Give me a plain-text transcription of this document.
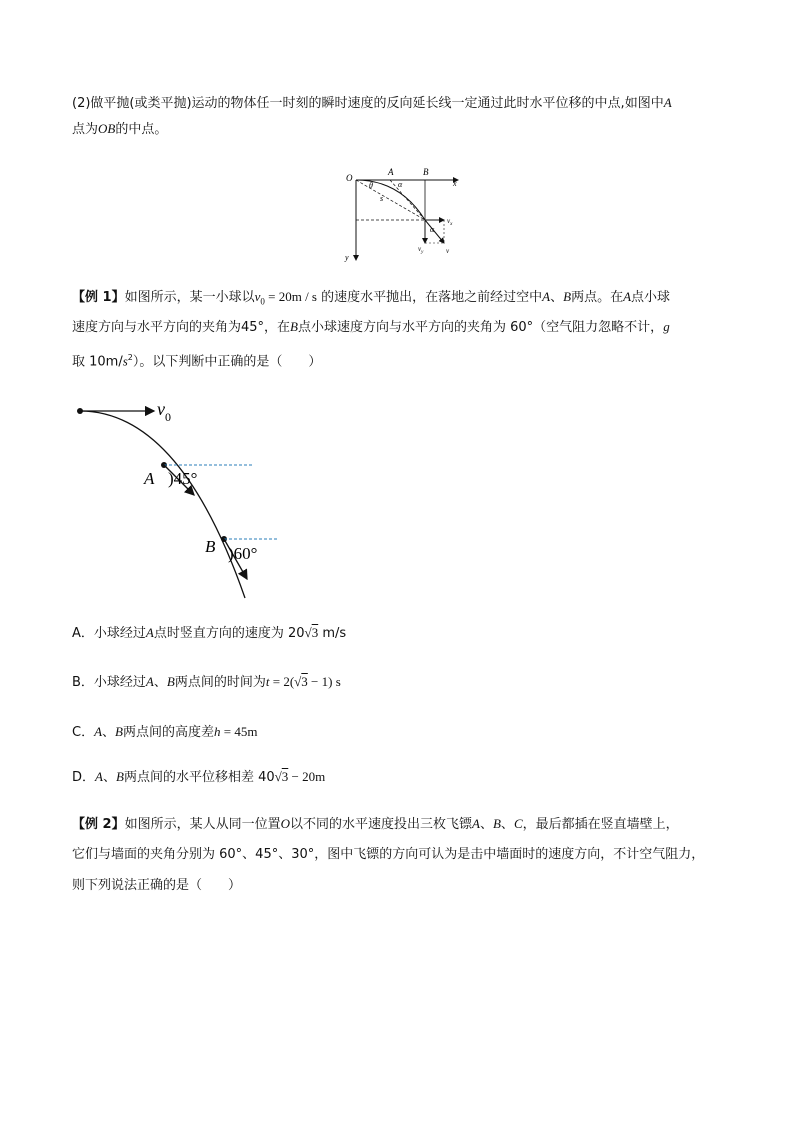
(2)做平抛(或类平抛)运动的物体任一时刻的瞬时速度的反向延长线一定通过此时水平位移的中点,如图中A
点为OB的中点。
O
A	B
x
y
θ	α
s
α
$v_x$
$v_y$	v
【例 1】如图所示，某一小球以$v_0 = 20m / s$ 的速度水平抛出，在落地之前经过空中A、B两点。在A点小球
速度方向与水平方向的夹角为45°，在B点小球速度方向与水平方向的夹角为 60°（空气阻力忽略不计，g
取 $10m/s^2$）。以下判断中正确的是（　　）
$v_0$
A )45°
B )60°
A．小球经过A点时竖直方向的速度为 20√3 m/s
B．小球经过A、B两点间的时间为t = 2(√3 − 1) s
C．A、B两点间的高度差h = 45m
D．A、B两点间的水平位移相差 40√3 − 20m
【例 2】如图所示，某人从同一位置O以不同的水平速度投出三枚飞镖A、B、C，最后都插在竖直墙壁上，
它们与墙面的夹角分别为 60°、45°、30°，图中飞镖的方向可认为是击中墙面时的速度方向，不计空气阻力，
则下列说法正确的是（　　）
